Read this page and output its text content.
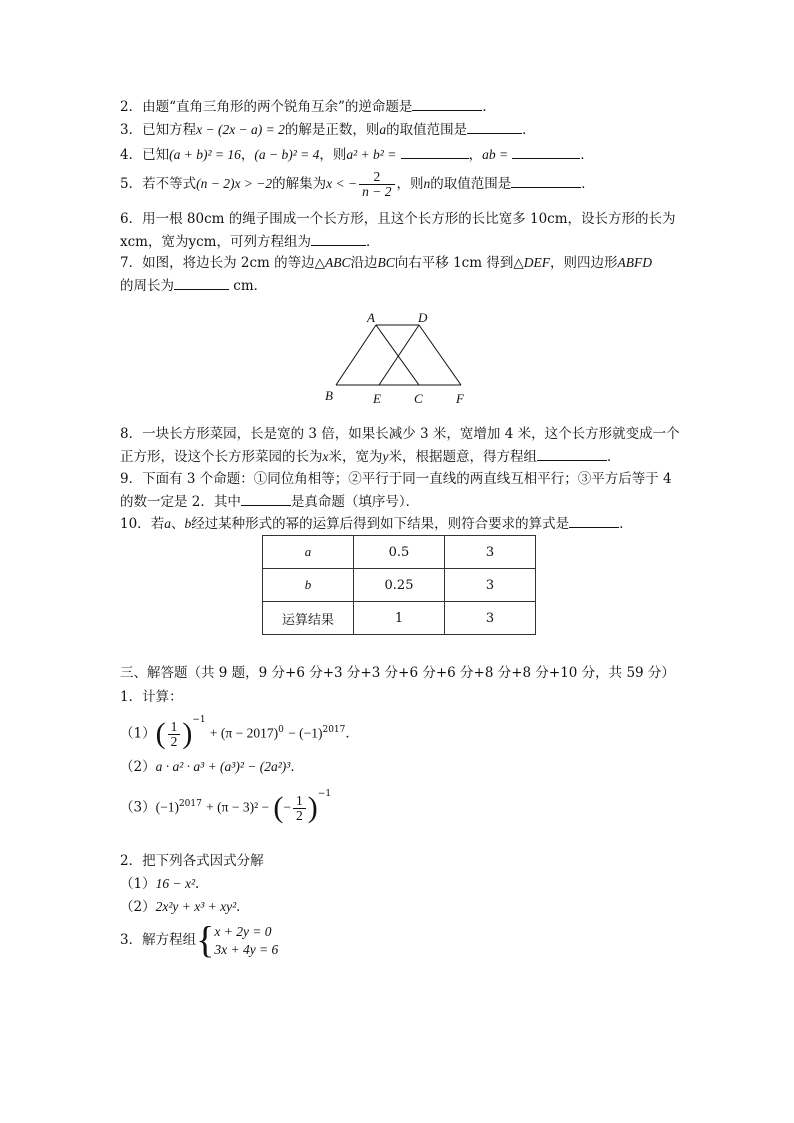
2．由题“直角三角形的两个锐角互余”的逆命题是	．
3．已知方程x − (2x − a) = 2的解是正数，则a的取值范围是	．
4．已知(a + b)² = 16，(a − b)² = 4，则a² + b² =	，ab =	．
5．若不等式(n − 2)x > −2的解集为x < − $\frac{2}{n - 2}$ ，则n的取值范围是	．
6．用一根 80cm 的绳子围成一个长方形，且这个长方形的长比宽多 10cm，设长方形的长为
xcm，宽为ycm，可列方程组为	．
7．如图，将边长为 2cm 的等边△ABC沿边BC向右平移 1cm 得到△DEF，则四边形ABFD
的周长为	cm．
A	D
B	E	C	F
8．一块长方形菜园，长是宽的 3 倍，如果长减少 3 米，宽增加 4 米，这个长方形就变成一个
正方形，设这个长方形菜园的长为x米，宽为y米，根据题意，得方程组	．
9．下面有 3 个命题：①同位角相等；②平行于同一直线的两直线互相平行；③平方后等于 4
的数一定是 2．其中	是真命题（填序号）．
10．若a、b经过某种形式的幂的运算后得到如下结果，则符合要求的算式是	．
a	0.5	3
b	0.25	3
运算结果	1	3
三、解答题（共 9 题，9 分+6 分+3 分+3 分+6 分+6 分+8 分+8 分+10 分，共 59 分）
1．计算：
$(1)( \frac{1}{2} )^{-1} + (\pi - 2017)^0 - (-1)^{2017}$．
（2）a · a² · a³ + (a³)² − (2a²)³．
$(3)(-1)^{2017} + (\pi - 3)^2$ − (− $\frac{1}{2} )^{-1}$
2．把下列各式因式分解
（1）16 − x²．
（2）2x²y + x³ + xy²．
3．解方程组{ x + 2y = 0
3x + 4y = 6
